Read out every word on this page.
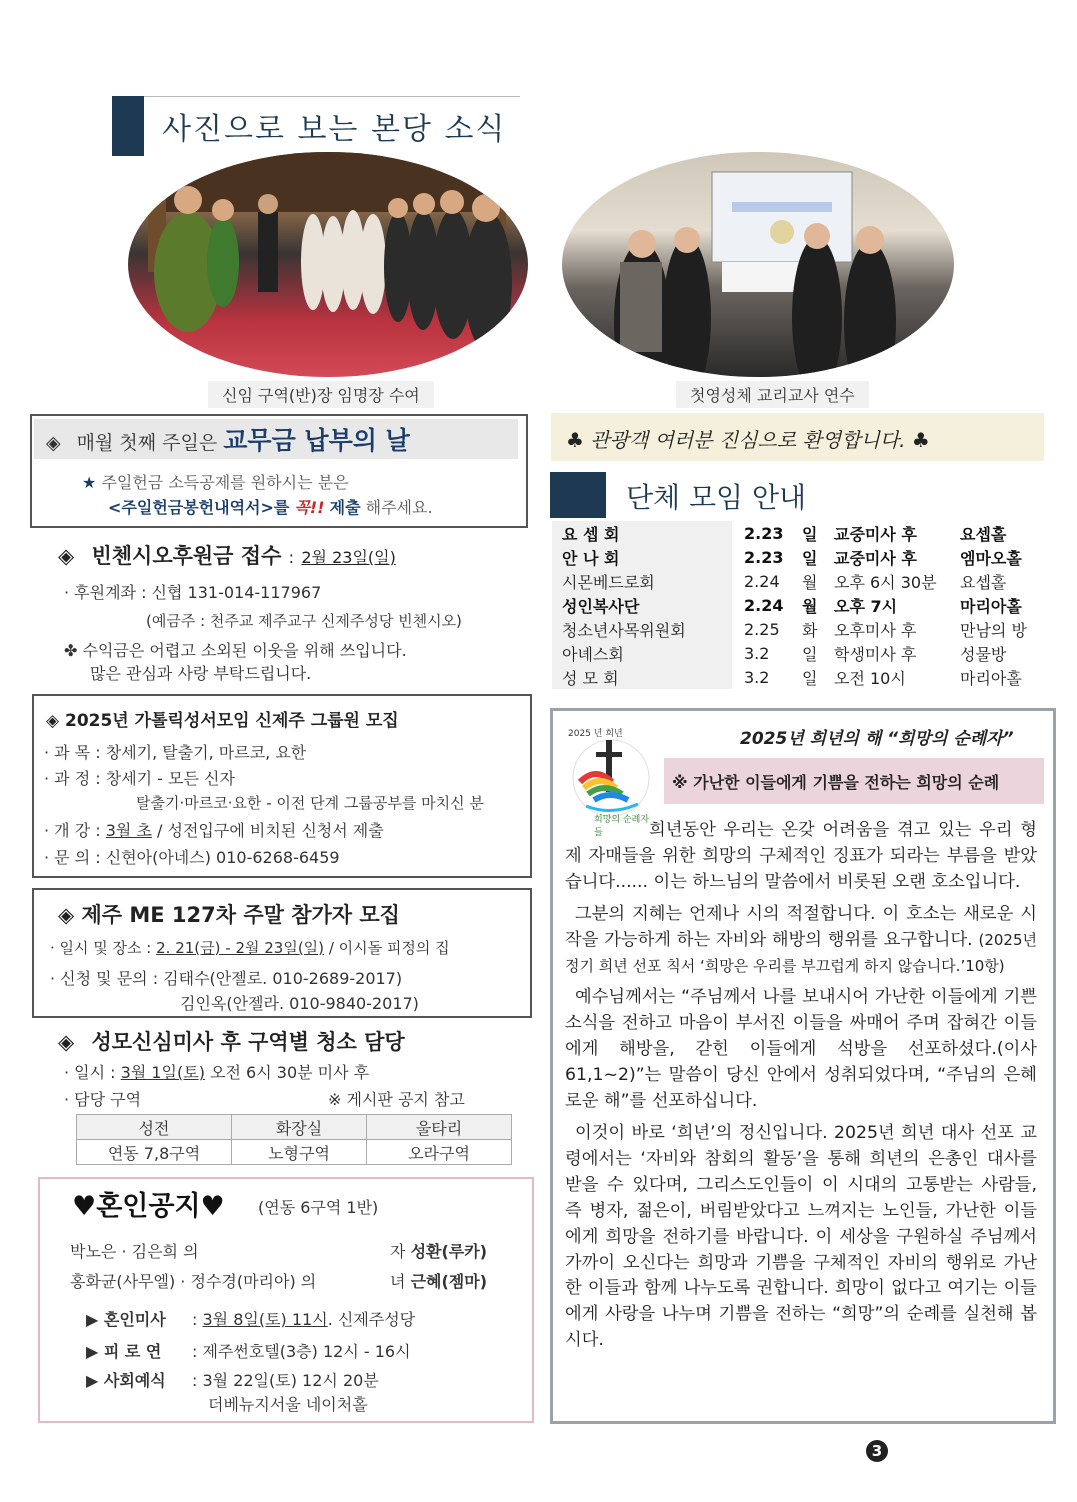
사진으로 보는 본당 소식
신임 구역(반)장 임명장 수여	첫영성체 교리교사 연수
◈ 매월 첫째 주일은 교무금 납부의 날
★ 주일헌금 소득공제를 원하시는 분은
<주일헌금봉헌내역서>를 꼭!! 제출 해주세요.
◈ 빈첸시오후원금 접수 : 2월 23일(일)
· 후원계좌 : 신협 131-014-117967
(예금주 : 천주교 제주교구 신제주성당 빈첸시오)
✤ 수익금은 어렵고 소외된 이웃을 위해 쓰입니다.
많은 관심과 사랑 부탁드립니다.
◈ 2025년 가톨릭성서모임 신제주 그룹원 모집
· 과 목 : 창세기, 탈출기, 마르코, 요한
· 과 정 : 창세기 - 모든 신자
탈출기·마르코·요한 - 이전 단계 그룹공부를 마치신 분
· 개 강 : 3월 초 / 성전입구에 비치된 신청서 제출
· 문 의 : 신현아(아네스) 010-6268-6459
◈ 제주 ME 127차 주말 참가자 모집
· 일시 및 장소 : 2. 21(금) - 2월 23일(일) / 이시돌 피정의 집
· 신청 및 문의 : 김태수(안젤로. 010-2689-2017)
김인옥(안젤라. 010-9840-2017)
◈ 성모신심미사 후 구역별 청소 담당
· 일시 : 3월 1일(토) 오전 6시 30분 미사 후
· 담당 구역	※ 게시판 공지 참고
성전	화장실	울타리
연동 7,8구역	노형구역	오라구역
♥혼인공지♥ (연동 6구역 1반)
박노은 · 김은희 의	자 성환(루카)
홍화균(사무엘) · 정수경(마리아) 의	녀 근혜(젬마)
▶ 혼인미사 : 3월 8일(토) 11시. 신제주성당
▶ 피 로 연 : 제주썬호텔(3층) 12시 - 16시
▶ 사회예식 : 3월 22일(토) 12시 20분
더베뉴지서울 네이처홀
♣ 관광객 여러분 진심으로 환영합니다. ♣
단체 모임 안내
요 셉 회	2.23	일	교중미사 후	요셉홀
안 나 회	2.23	일	교중미사 후	엠마오홀
시몬베드로회	2.24	월	오후 6시 30분	요셉홀
성인복사단	2.24	월	오후 7시	마리아홀
청소년사목위원회	2.25	화	오후미사 후	만남의 방
아녜스회	3.2	일	학생미사 후	성물방
성 모 회	3.2	일	오전 10시	마리아홀
2025 년 희년
희망의 순례자들
2025년 희년의 해 “희망의 순례자”
※ 가난한 이들에게 기쁨을 전하는 희망의 순례

희년동안 우리는 온갖 어려움을 겪고 있는 우리 형제 자매들을 위한 희망의 구체적인 징표가 되라는 부름을 받았습니다...... 이는 하느님의 말씀에서 비롯된 오랜 호소입니다.

그분의 지혜는 언제나 시의 적절합니다. 이 호소는 새로운 시작을 가능하게 하는 자비와 해방의 행위를 요구합니다. (2025년 정기 희년 선포 칙서 ‘희망은 우리를 부끄럽게 하지 않습니다.’10항)

예수님께서는 “주님께서 나를 보내시어 가난한 이들에게 기쁜 소식을 전하고 마음이 부서진 이들을 싸매어 주며 잡혀간 이들에게 해방을, 갇힌 이들에게 석방을 선포하셨다.(이사61,1~2)”는 말씀이 당신 안에서 성취되었다며, “주님의 은혜로운 해”를 선포하십니다.

이것이 바로 ‘희년’의 정신입니다. 2025년 희년 대사 선포 교령에서는 ‘자비와 참회의 활동’을 통해 희년의 은총인 대사를 받을 수 있다며, 그리스도인들이 이 시대의 고통받는 사람들, 즉 병자, 젊은이, 버림받았다고 느껴지는 노인들, 가난한 이들에게 희망을 전하기를 바랍니다. 이 세상을 구원하실 주님께서 가까이 오신다는 희망과 기쁨을 구체적인 자비의 행위로 가난한 이들과 함께 나누도록 권합니다. 희망이 없다고 여기는 이들에게 사랑을 나누며 기쁨을 전하는 “희망”의 순례를 실천해 봅시다.

3
